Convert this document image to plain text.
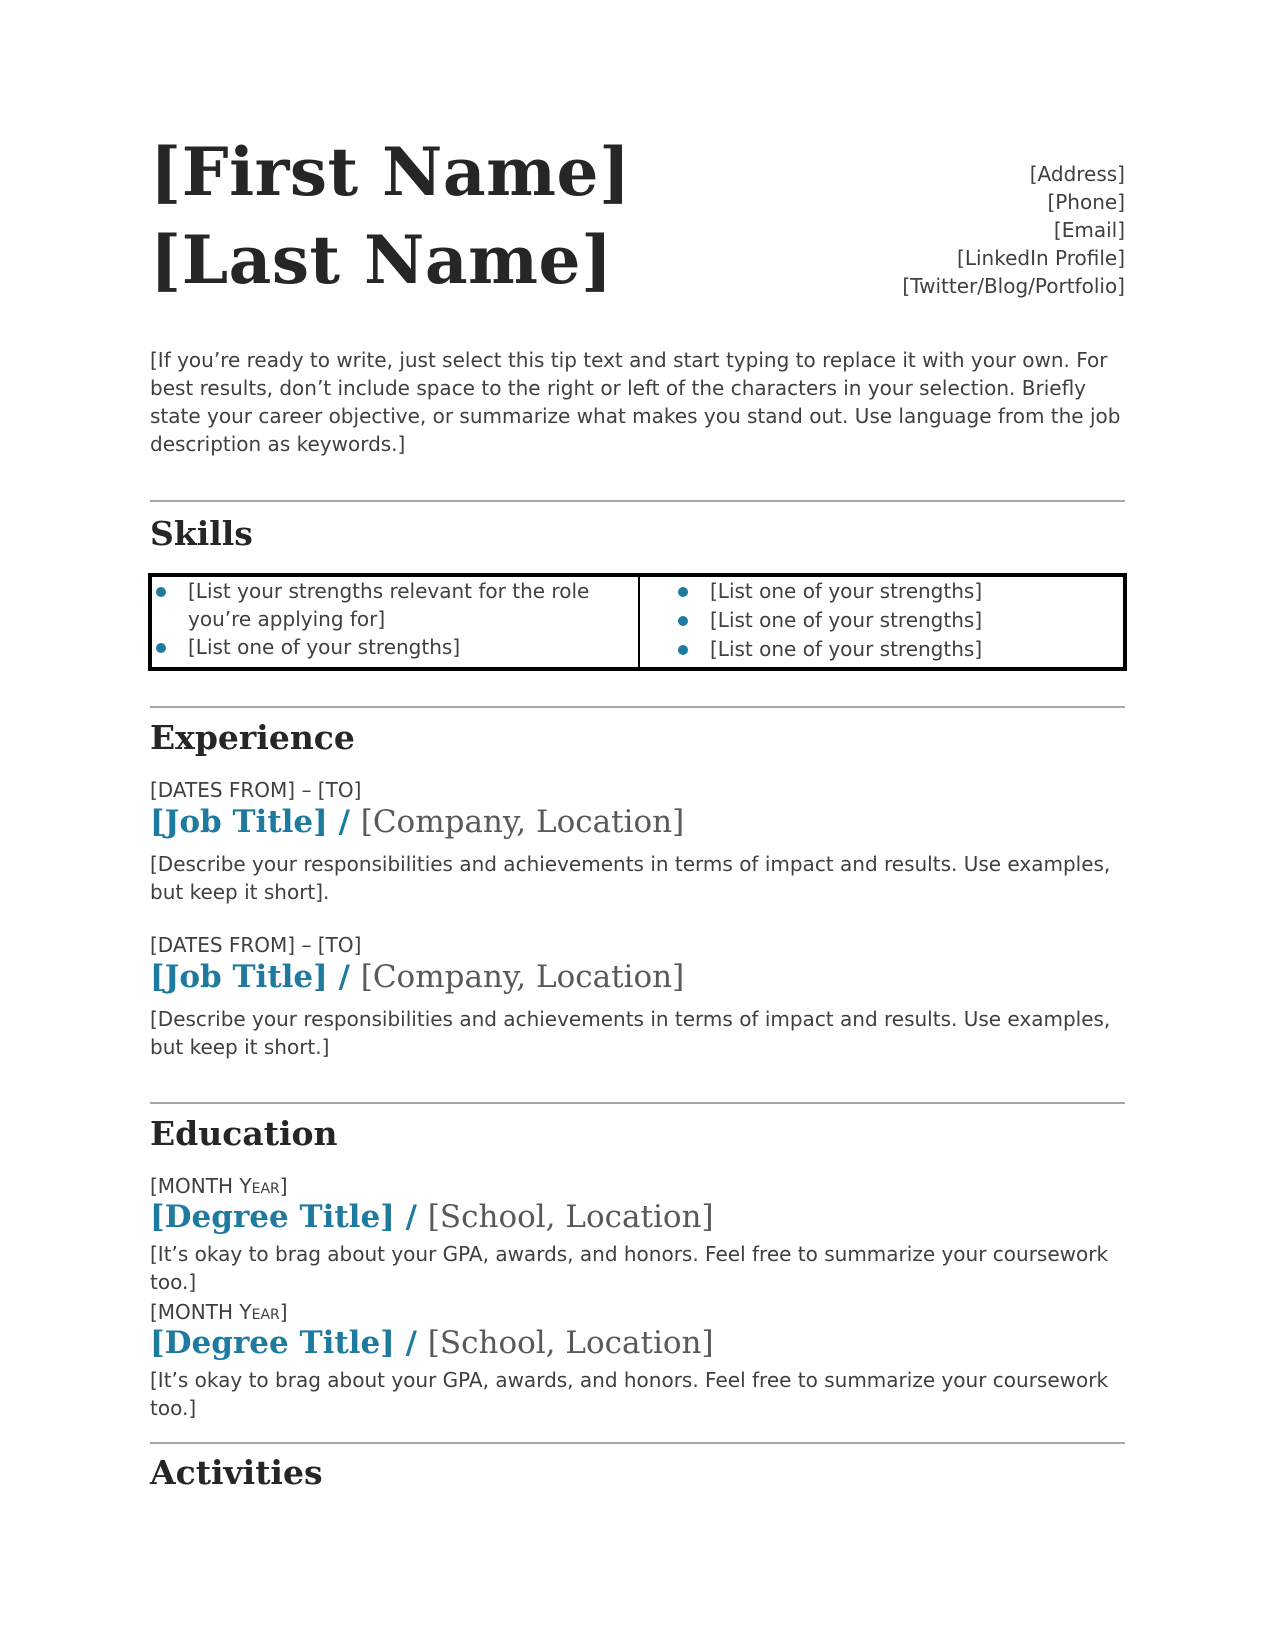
[First Name]
[Last Name]
[Address]
[Phone]
[Email]
[LinkedIn Profile]
[Twitter/Blog/Portfolio]
[If you’re ready to write, just select this tip text and start typing to replace it with your own. For best results, don’t include space to the right or left of the characters in your selection. Briefly state your career objective, or summarize what makes you stand out. Use language from the job description as keywords.]
Skills
[List your strengths relevant for the role you’re applying for]
[List one of your strengths]
[List one of your strengths]
[List one of your strengths]
[List one of your strengths]
Experience
[DATES FROM] – [TO]
[Job Title] / [Company, Location]
[Describe your responsibilities and achievements in terms of impact and results. Use examples, but keep it short].
[DATES FROM] – [TO]
[Job Title] / [Company, Location]
[Describe your responsibilities and achievements in terms of impact and results. Use examples, but keep it short.]
Education
[MONTH Year]
[Degree Title] / [School, Location]
[It’s okay to brag about your GPA, awards, and honors. Feel free to summarize your coursework too.]
[MONTH Year]
[Degree Title] / [School, Location]
[It’s okay to brag about your GPA, awards, and honors. Feel free to summarize your coursework too.]
Activities
